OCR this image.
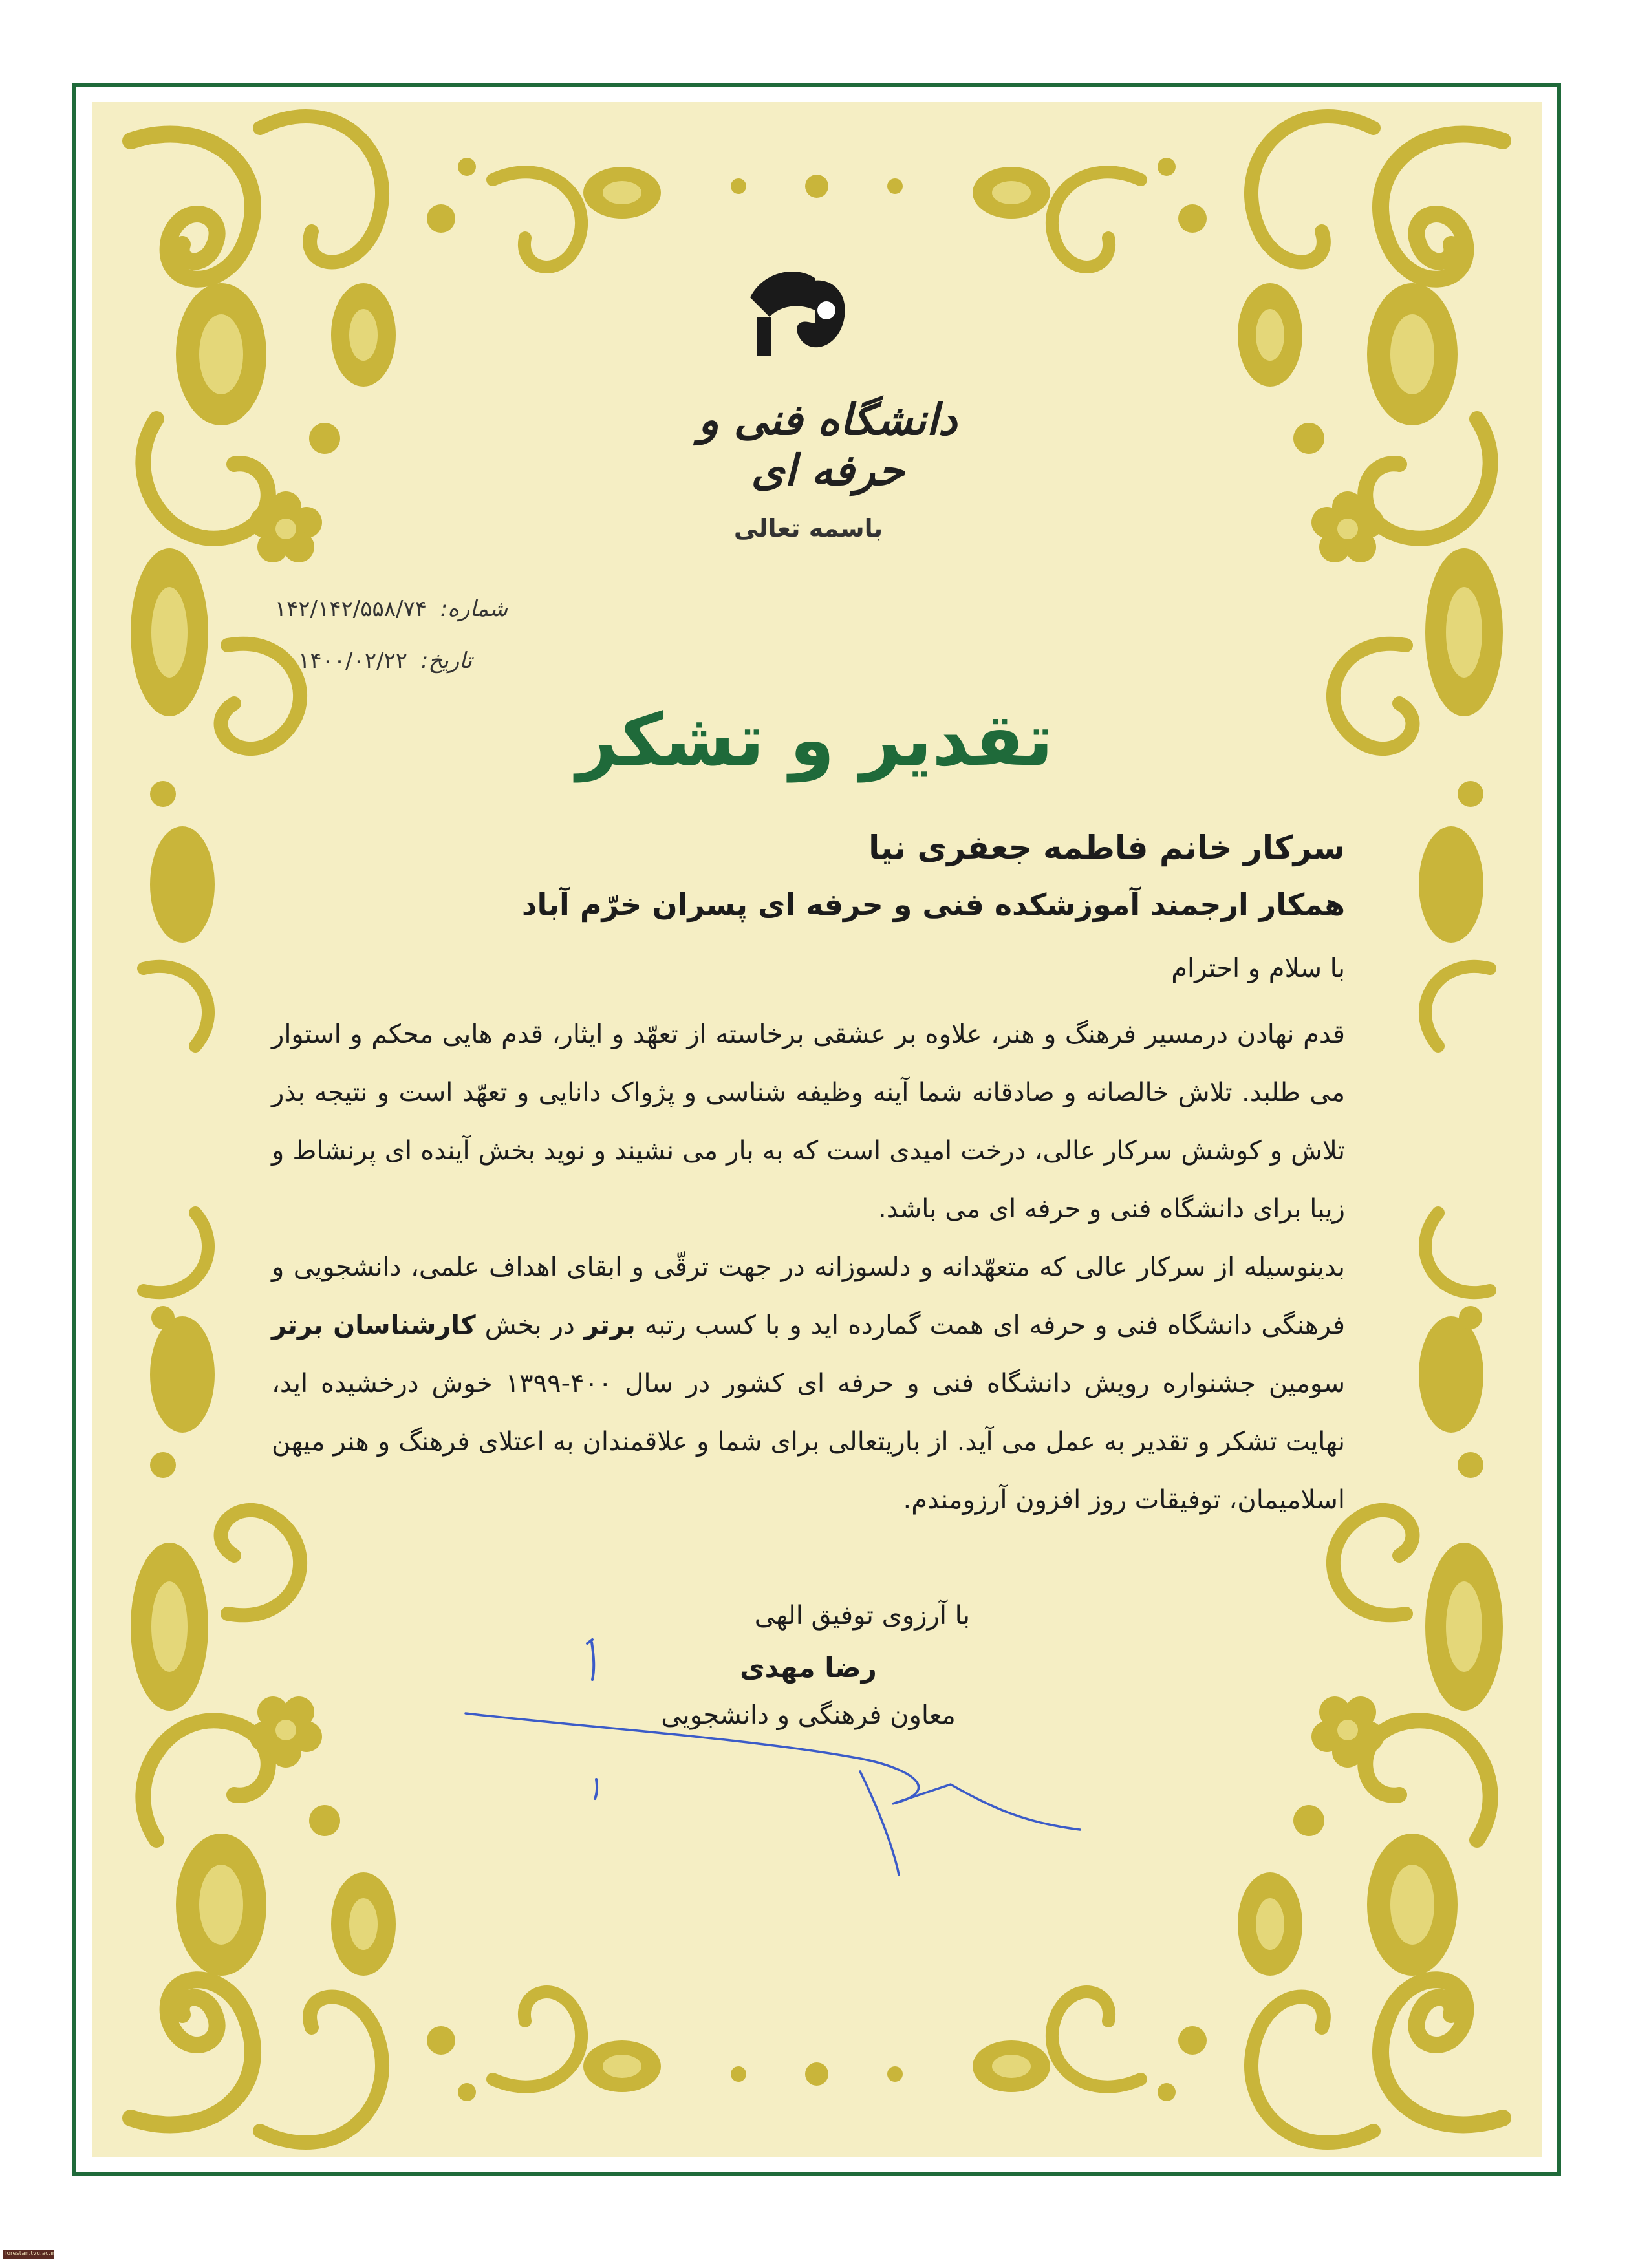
دانشگاه فنی و حرفه ای
باسمه تعالی
شماره: ۱۴۲/۱۴۲/۵۵۸/۷۴
تاریخ: ۱۴۰۰/۰۲/۲۲
تقدیر و تشکر
سرکار خانم فاطمه جعفری نیا
همکار ارجمند آموزشکده فنی و حرفه ای پسران خرّم آباد
با سلام و احترام
قدم نهادن درمسیر فرهنگ و هنر، علاوه بر عشقی برخاسته از تعهّد و ایثار، قدم هایی محکم و استوار می طلبد. تلاش خالصانه و صادقانه شما آینه وظیفه شناسی و پژواک دانایی و تعهّد است و نتیجه بذر تلاش و کوشش سرکار عالی، درخت امیدی است که به بار می نشیند و نوید بخش آینده ای پرنشاط و زیبا برای دانشگاه فنی و حرفه ای می باشد.
بدینوسیله از سرکار عالی که متعهّدانه و دلسوزانه در جهت ترقّی و ابقای اهداف علمی، دانشجویی و فرهنگی دانشگاه فنی و حرفه ای همت گمارده اید و با کسب رتبه برتر در بخش کارشناسان برتر سومین جشنواره رویش دانشگاه فنی و حرفه ای کشور در سال ۴۰۰-۱۳۹۹ خوش درخشیده اید، نهایت تشکر و تقدیر به عمل می آید. از باریتعالی برای شما و علاقمندان به اعتلای فرهنگ و هنر میهن اسلامیمان، توفیقات روز افزون آرزومندم.
با آرزوی توفیق الهی
رضا مهدی
معاون فرهنگی و دانشجویی
lorestan.tvu.ac.ir
